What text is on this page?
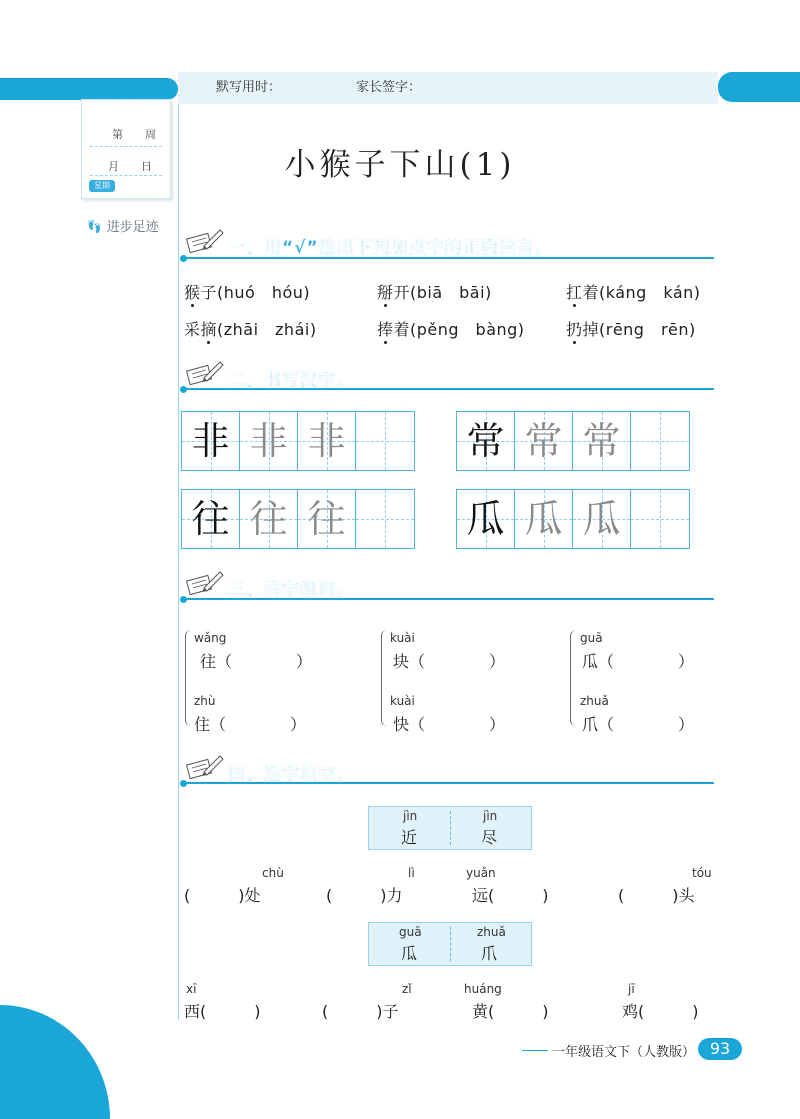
默写用时：	家长签字：
第　　周
月　　日
星期
👣︎ 进步足迹
小猴子下山(1)
一、用“√”选出下列加点字的正确读音。
猴子(huó　hóu)	掰开(biā　bāi)	扛着(káng　kán)
采摘(zhāi　zhái)	捧着(pěng　bàng)	扔掉(rēng　rēn)
二、书写汉字。
非 非 非	常 常 常
往 往 往	瓜 瓜 瓜
三、辨字组词。
wǎng
往（　　　　）
zhù
住（　　　　）
kuài
块（　　　　）
kuài
快（　　　　）
guā
瓜（　　　　）
zhuǎ
爪（　　　　）
四、选字填空。
jìn
近
jìn
尽
chù
(　　　)处
lì
(　　　)力
yuǎn
远(　　　)
tóu
(　　　)头
guā
瓜
zhuǎ
爪
xī
西(　　　)
zǐ
(　　　)子
huáng
黄(　　　)
jī
鸡(　　　)
一年级语文下（人教版） 93
